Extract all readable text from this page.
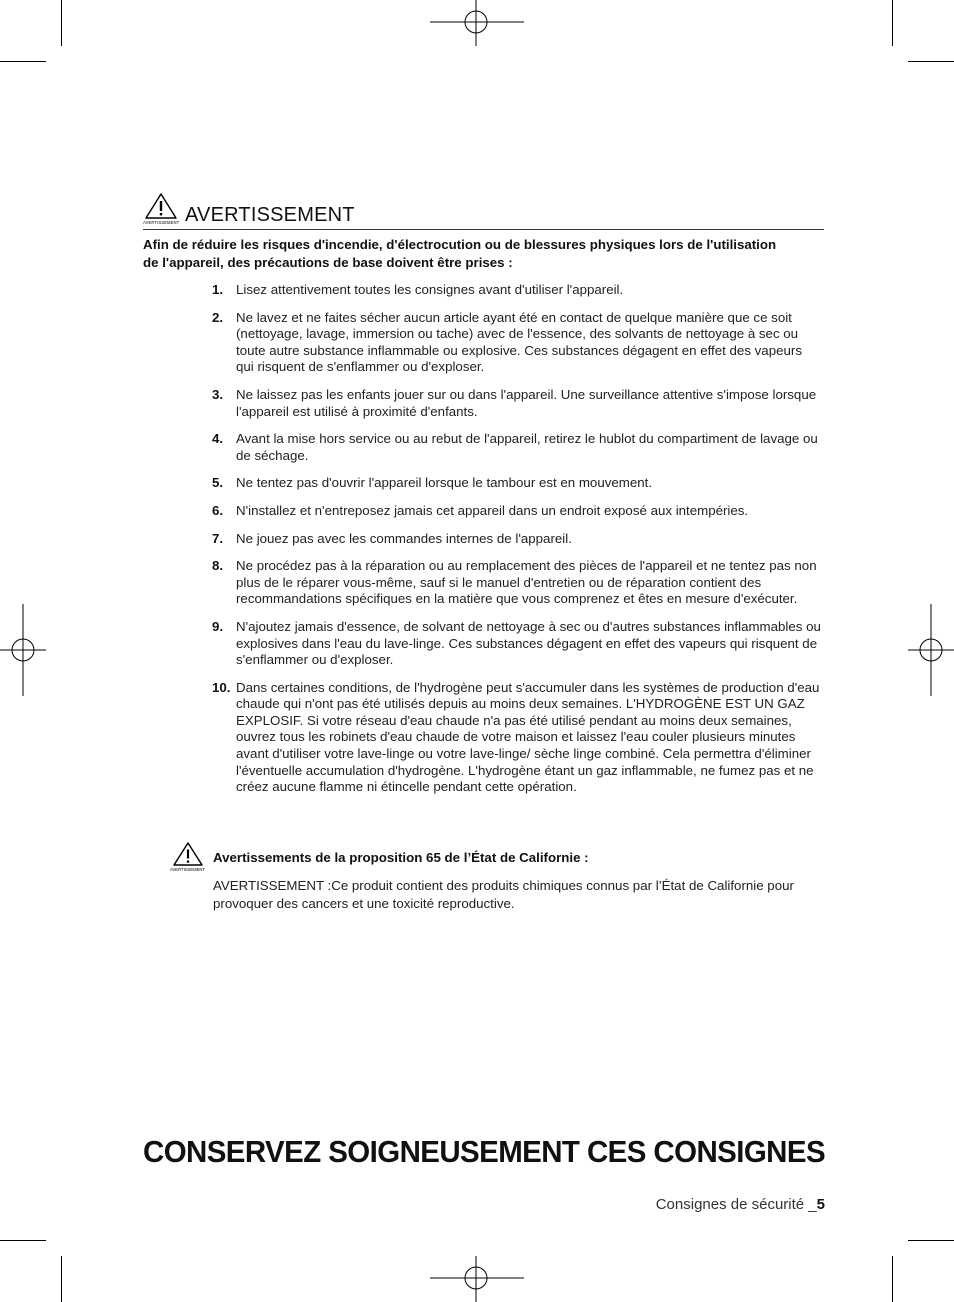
AVERTISSEMENT AVERTISSEMENT
Afin de réduire les risques d'incendie, d'électrocution ou de blessures physiques lors de l'utilisation de l'appareil, des précautions de base doivent être prises :
1. Lisez attentivement toutes les consignes avant d'utiliser l'appareil.
2. Ne lavez et ne faites sécher aucun article ayant été en contact de quelque manière que ce soit (nettoyage, lavage, immersion ou tache) avec de l'essence, des solvants de nettoyage à sec ou toute autre substance inflammable ou explosive. Ces substances dégagent en effet des vapeurs qui risquent de s'enflammer ou d'exploser.
3. Ne laissez pas les enfants jouer sur ou dans l'appareil. Une surveillance attentive s'impose lorsque l'appareil est utilisé à proximité d'enfants.
4. Avant la mise hors service ou au rebut de l'appareil, retirez le hublot du compartiment de lavage ou de séchage.
5. Ne tentez pas d'ouvrir l'appareil lorsque le tambour est en mouvement.
6. N'installez et n'entreposez jamais cet appareil dans un endroit exposé aux intempéries.
7. Ne jouez pas avec les commandes internes de l'appareil.
8. Ne procédez pas à la réparation ou au remplacement des pièces de l'appareil et ne tentez pas non plus de le réparer vous-même, sauf si le manuel d'entretien ou de réparation contient des recommandations spécifiques en la matière que vous comprenez et êtes en mesure d'exécuter.
9. N'ajoutez jamais d'essence, de solvant de nettoyage à sec ou d'autres substances inflammables ou explosives dans l'eau du lave-linge. Ces substances dégagent en effet des vapeurs qui risquent de s'enflammer ou d'exploser.
10. Dans certaines conditions, de l'hydrogène peut s'accumuler dans les systèmes de production d'eau chaude qui n'ont pas été utilisés depuis au moins deux semaines. L'HYDROGÈNE EST UN GAZ EXPLOSIF. Si votre réseau d'eau chaude n'a pas été utilisé pendant au moins deux semaines, ouvrez tous les robinets d'eau chaude de votre maison et laissez l'eau couler plusieurs minutes avant d'utiliser votre lave-linge ou votre lave-linge/ sèche linge combiné. Cela permettra d'éliminer l'éventuelle accumulation d'hydrogène. L'hydrogène étant un gaz inflammable, ne fumez pas et ne créez aucune flamme ni étincelle pendant cette opération.
AVERTISSEMENT
Avertissements de la proposition 65 de l’État de Californie :
AVERTISSEMENT :Ce produit contient des produits chimiques connus par l’État de Californie pour provoquer des cancers et une toxicité reproductive.
CONSERVEZ SOIGNEUSEMENT CES CONSIGNES
Consignes de sécurité _5
